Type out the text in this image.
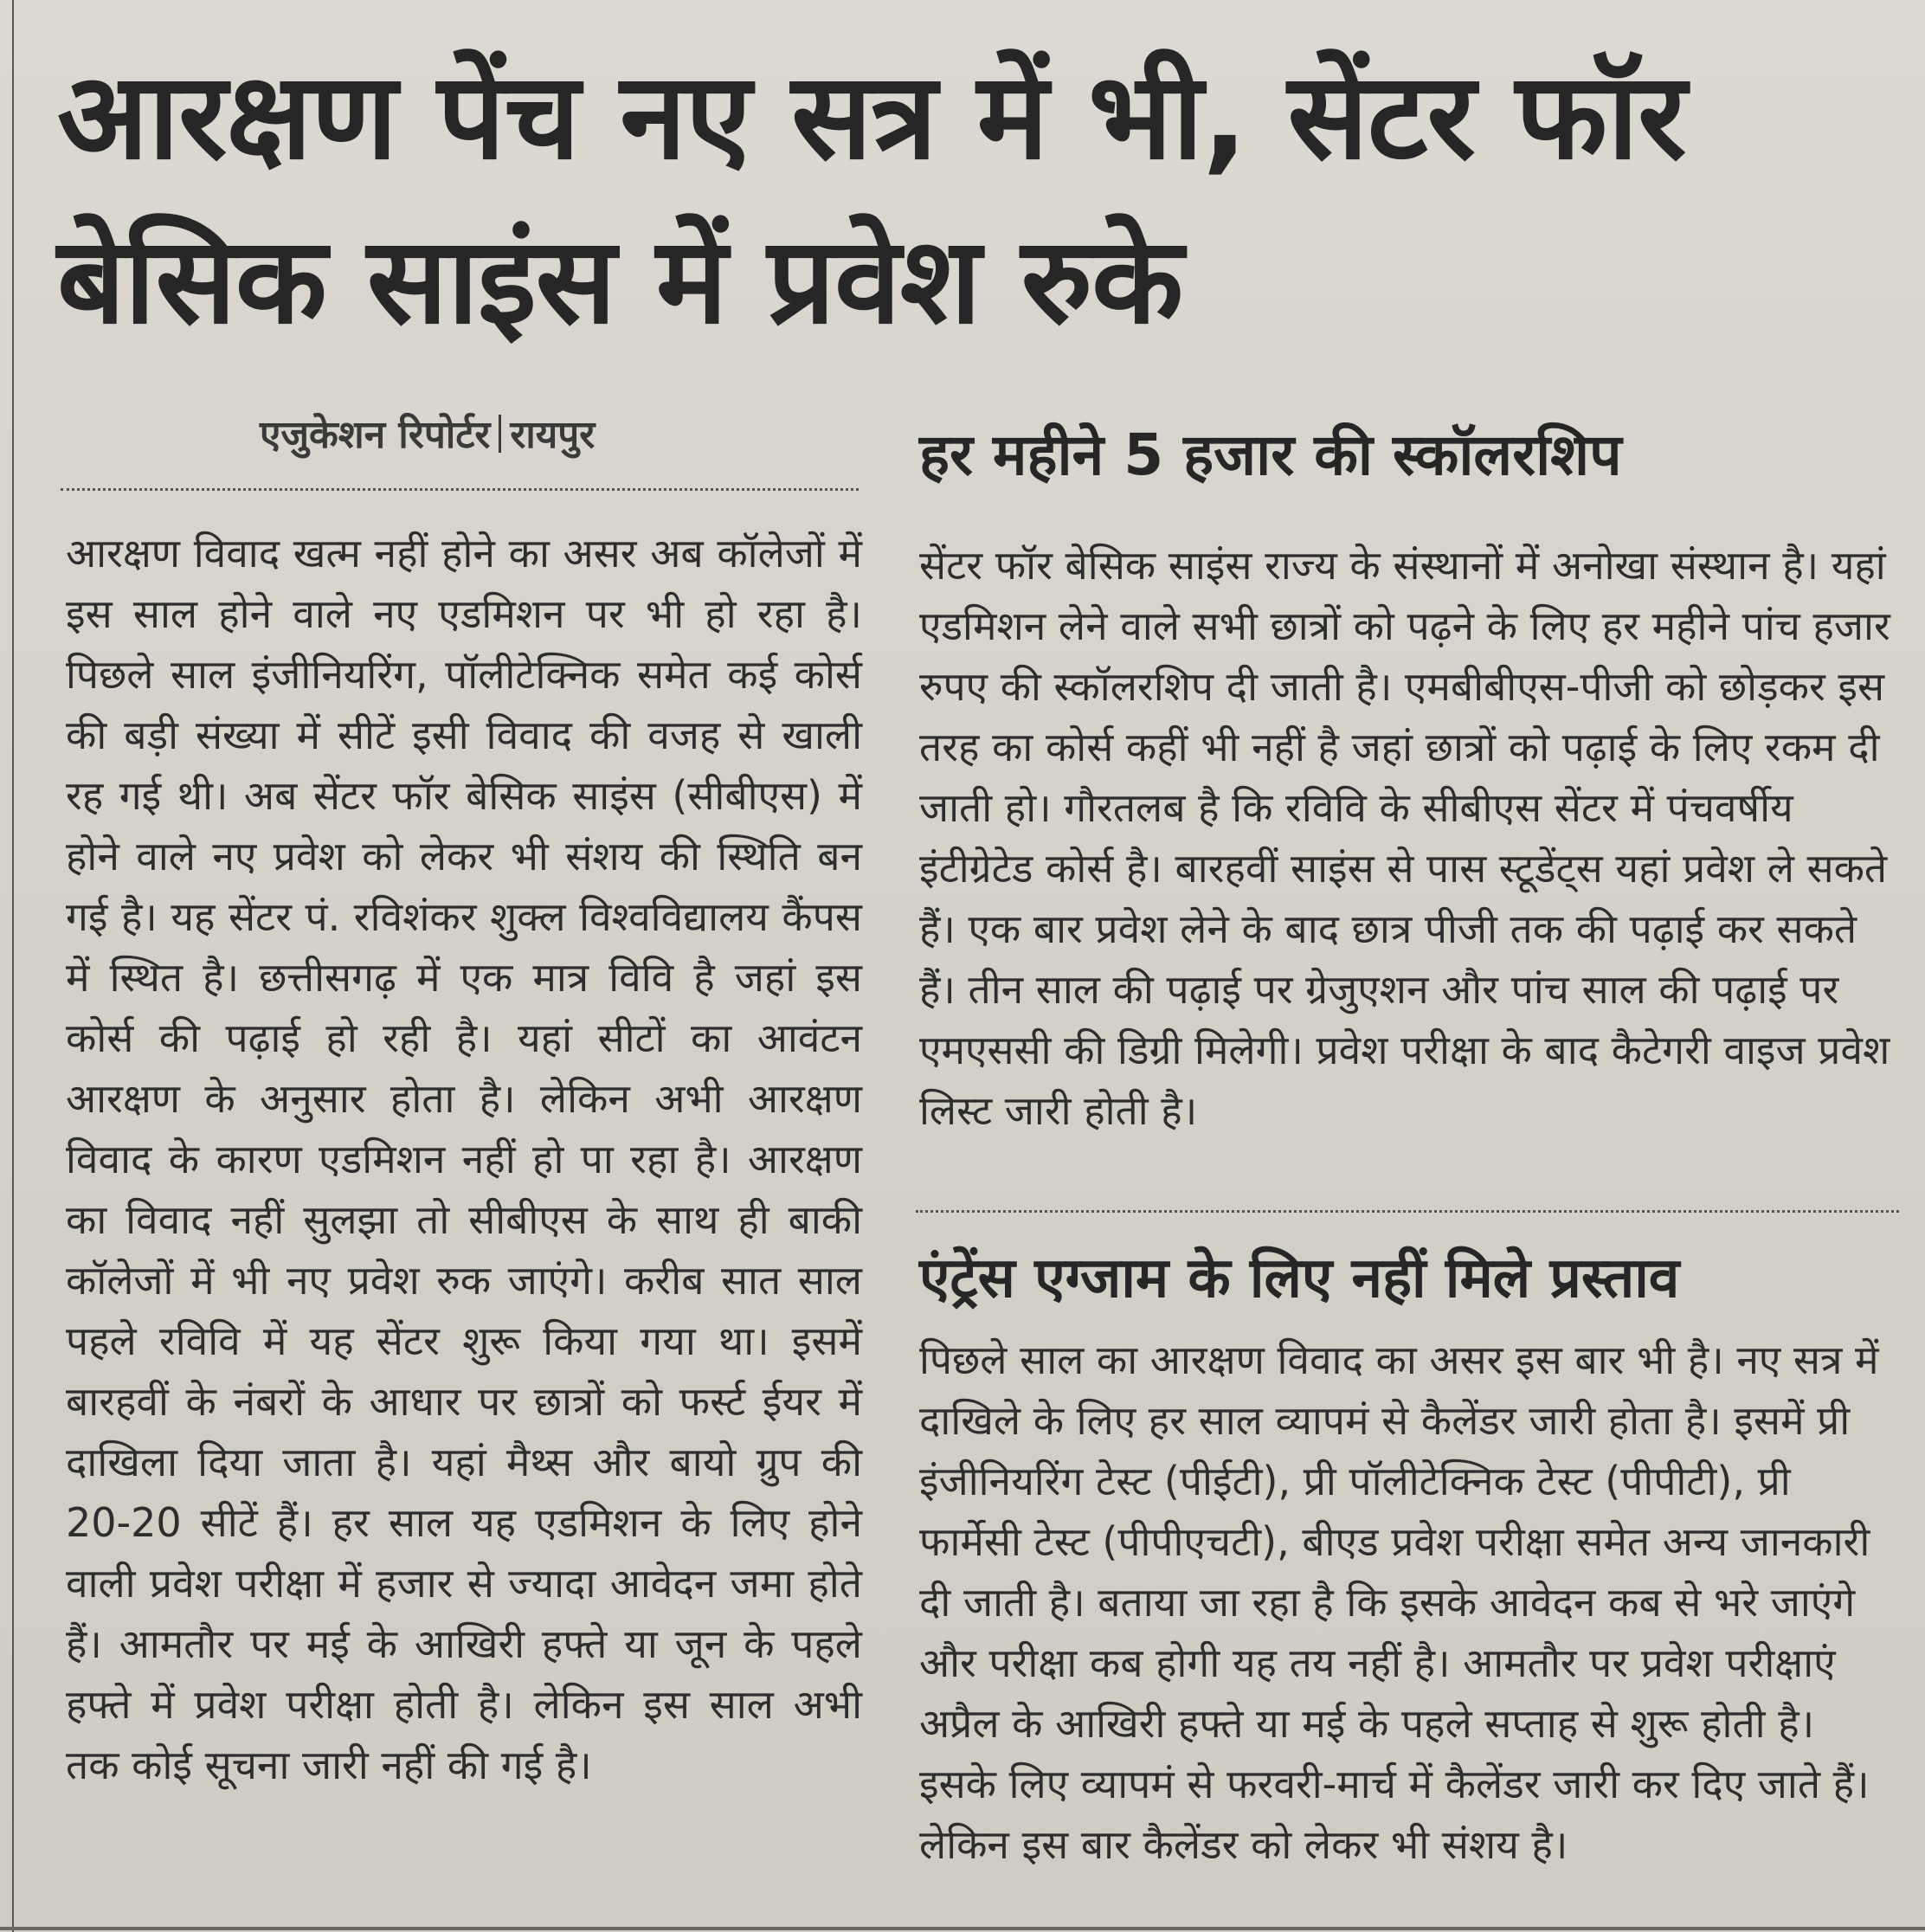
आरक्षण पेंच नए सत्र में भी, सेंटर फॉर बेसिक साइंस में प्रवेश रुके
एजुकेशन रिपोर्टर रायपुर

आरक्षण विवाद खत्म नहीं होने का असर अब कॉलेजों में इस साल होने वाले नए एडमिशन पर भी हो रहा है। पिछले साल इंजीनियरिंग, पॉलीटेक्निक समेत कई कोर्स की बड़ी संख्या में सीटें इसी विवाद की वजह से खाली रह गई थी। अब सेंटर फॉर बेसिक साइंस (सीबीएस) में होने वाले नए प्रवेश को लेकर भी संशय की स्थिति बन गई है। यह सेंटर पं. रविशंकर शुक्ल विश्वविद्यालय कैंपस में स्थित है। छत्तीसगढ़ में एक मात्र विवि है जहां इस कोर्स की पढ़ाई हो रही है। यहां सीटों का आवंटन आरक्षण के अनुसार होता है। लेकिन अभी आरक्षण विवाद के कारण एडमिशन नहीं हो पा रहा है। आरक्षण का विवाद नहीं सुलझा तो सीबीएस के साथ ही बाकी कॉलेजों में भी नए प्रवेश रुक जाएंगे। करीब सात साल पहले रविवि में यह सेंटर शुरू किया गया था। इसमें बारहवीं के नंबरों के आधार पर छात्रों को फर्स्ट ईयर में दाखिला दिया जाता है। यहां मैथ्स और बायो ग्रुप की 20-20 सीटें हैं। हर साल यह एडमिशन के लिए होने वाली प्रवेश परीक्षा में हजार से ज्यादा आवेदन जमा होते हैं। आमतौर पर मई के आखिरी हफ्ते या जून के पहले हफ्ते में प्रवेश परीक्षा होती है। लेकिन इस साल अभी तक कोई सूचना जारी नहीं की गई है।

हर महीने 5 हजार की स्कॉलरशिप

सेंटर फॉर बेसिक साइंस राज्य के संस्थानों में अनोखा संस्थान है। यहां एडमिशन लेने वाले सभी छात्रों को पढ़ने के लिए हर महीने पांच हजार रुपए की स्कॉलरशिप दी जाती है। एमबीबीएस-पीजी को छोड़कर इस तरह का कोर्स कहीं भी नहीं है जहां छात्रों को पढ़ाई के लिए रकम दी जाती हो। गौरतलब है कि रविवि के सीबीएस सेंटर में पंचवर्षीय इंटीग्रेटेड कोर्स है। बारहवीं साइंस से पास स्टूडेंट्स यहां प्रवेश ले सकते हैं। एक बार प्रवेश लेने के बाद छात्र पीजी तक की पढ़ाई कर सकते हैं। तीन साल की पढ़ाई पर ग्रेजुएशन और पांच साल की पढ़ाई पर एमएससी की डिग्री मिलेगी। प्रवेश परीक्षा के बाद कैटेगरी वाइज प्रवेश लिस्ट जारी होती है।

एंट्रेंस एग्जाम के लिए नहीं मिले प्रस्ताव

पिछले साल का आरक्षण विवाद का असर इस बार भी है। नए सत्र में दाखिले के लिए हर साल व्यापमं से कैलेंडर जारी होता है। इसमें प्री इंजीनियरिंग टेस्ट (पीईटी), प्री पॉलीटेक्निक टेस्ट (पीपीटी), प्री फार्मेसी टेस्ट (पीपीएचटी), बीएड प्रवेश परीक्षा समेत अन्य जानकारी दी जाती है। बताया जा रहा है कि इसके आवेदन कब से भरे जाएंगे और परीक्षा कब होगी यह तय नहीं है। आमतौर पर प्रवेश परीक्षाएं अप्रैल के आखिरी हफ्ते या मई के पहले सप्ताह से शुरू होती है। इसके लिए व्यापमं से फरवरी-मार्च में कैलेंडर जारी कर दिए जाते हैं। लेकिन इस बार कैलेंडर को लेकर भी संशय है।
